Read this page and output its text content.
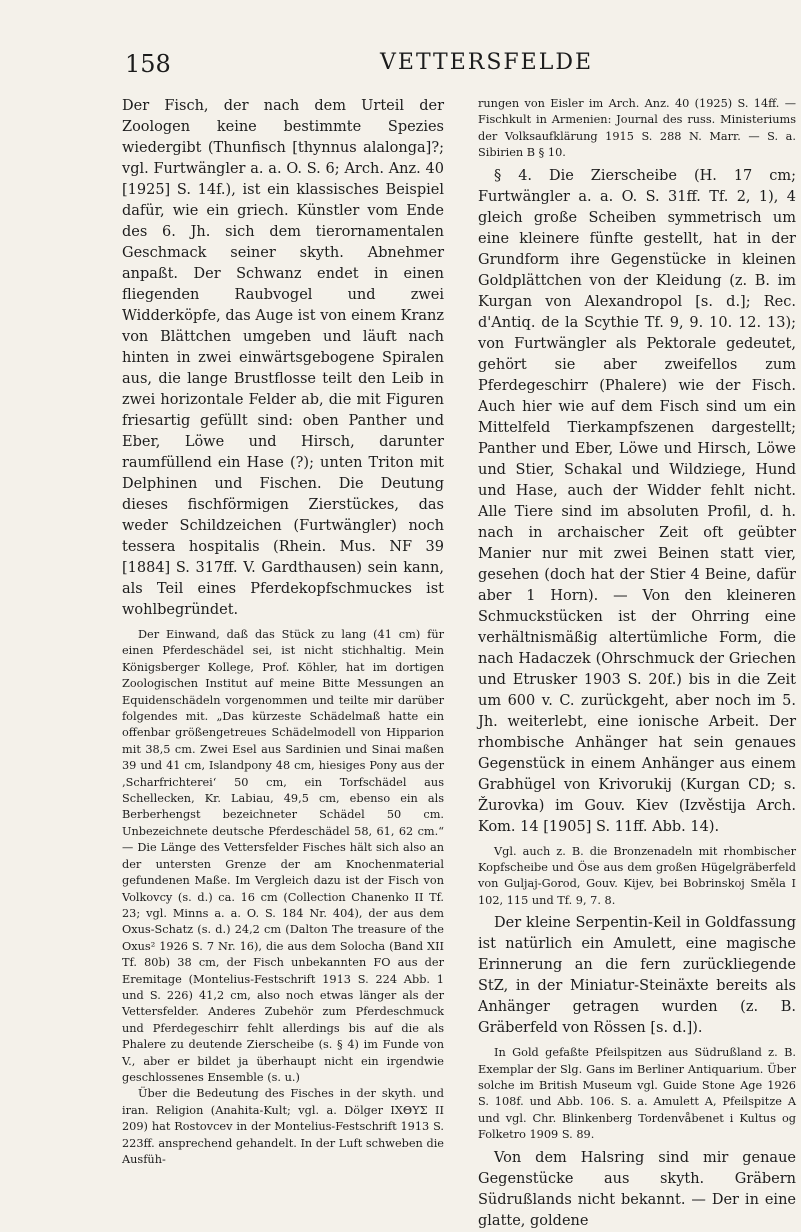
158	VETTERSFELDE

Der Fisch, der nach dem Urteil der Zoologen keine bestimmte Spezies wiedergibt (Thunfisch [thynnus alalonga]?; vgl. Furtwängler a. a. O. S. 6; Arch. Anz. 40 [1925] S. 14f.), ist ein klassisches Beispiel dafür, wie ein griech. Künstler vom Ende des 6. Jh. sich dem tierornamentalen Geschmack seiner skyth. Abnehmer anpaßt. Der Schwanz endet in einen fliegenden Raubvogel und zwei Widderköpfe, das Auge ist von einem Kranz von Blättchen umgeben und läuft nach hinten in zwei einwärtsgebogene Spiralen aus, die lange Brustflosse teilt den Leib in zwei horizontale Felder ab, die mit Figuren friesartig gefüllt sind: oben Panther und Eber, Löwe und Hirsch, darunter raumfüllend ein Hase (?); unten Triton mit Delphinen und Fischen. Die Deutung dieses fischförmigen Zierstückes, das weder Schildzeichen (Furtwängler) noch tessera hospitalis (Rhein. Mus. NF 39 [1884] S. 317ff. V. Gardthausen) sein kann, als Teil eines Pferdekopfschmuckes ist wohlbegründet.

Der Einwand, daß das Stück zu lang (41 cm) für einen Pferdeschädel sei, ist nicht stichhaltig. Mein Königsberger Kollege, Prof. Köhler, hat im dortigen Zoologischen Institut auf meine Bitte Messungen an Equidenschädeln vorgenommen und teilte mir darüber folgendes mit. „Das kürzeste Schädelmaß hatte ein offenbar größengetreues Schädelmodell von Hipparion mit 38,5 cm. Zwei Esel aus Sardinien und Sinai maßen 39 und 41 cm, Islandpony 48 cm, hiesiges Pony aus der ‚Scharfrichterei‘ 50 cm, ein Torfschädel aus Schellecken, Kr. Labiau, 49,5 cm, ebenso ein als Berberhengst bezeichneter Schädel 50 cm. Unbezeichnete deutsche Pferdeschädel 58, 61, 62 cm.“ — Die Länge des Vettersfelder Fisches hält sich also an der untersten Grenze der am Knochenmaterial gefundenen Maße. Im Vergleich dazu ist der Fisch von Volkovcy (s. d.) ca. 16 cm (Collection Chanenko II Tf. 23; vgl. Minns a. a. O. S. 184 Nr. 404), der aus dem Oxus-Schatz (s. d.) 24,2 cm (Dalton The treasure of the Oxus² 1926 S. 7 Nr. 16), die aus dem Solocha (Band XII Tf. 80b) 38 cm, der Fisch unbekannten FO aus der Eremitage (Montelius-Festschrift 1913 S. 224 Abb. 1 und S. 226) 41,2 cm, also noch etwas länger als der Vettersfelder. Anderes Zubehör zum Pferdeschmuck und Pferdegeschirr fehlt allerdings bis auf die als Phalere zu deutende Zierscheibe (s. § 4) im Funde von V., aber er bildet ja überhaupt nicht ein irgendwie geschlossenes Ensemble (s. u.)

Über die Bedeutung des Fisches in der skyth. und iran. Religion (Anahita-Kult; vgl. a. Dölger ΙΧΘΥΣ II 209) hat Rostovcev in der Montelius-Festschrift 1913 S. 223ff. ansprechend gehandelt. In der Luft schweben die Ausfüh-

rungen von Eisler im Arch. Anz. 40 (1925) S. 14ff. — Fischkult in Armenien: Journal des russ. Ministeriums der Volksaufklärung 1915 S. 288 N. Marr. — S. a. Sibirien B § 10.

§ 4. Die Zierscheibe (H. 17 cm; Furtwängler a. a. O. S. 31ff. Tf. 2, 1), 4 gleich große Scheiben symmetrisch um eine kleinere fünfte gestellt, hat in der Grundform ihre Gegenstücke in kleinen Goldplättchen von der Kleidung (z. B. im Kurgan von Alexandropol [s. d.]; Rec. d'Antiq. de la Scythie Tf. 9, 9. 10. 12. 13); von Furtwängler als Pektorale gedeutet, gehört sie aber zweifellos zum Pferdegeschirr (Phalere) wie der Fisch. Auch hier wie auf dem Fisch sind um ein Mittelfeld Tierkampfszenen dargestellt; Panther und Eber, Löwe und Hirsch, Löwe und Stier, Schakal und Wildziege, Hund und Hase, auch der Widder fehlt nicht. Alle Tiere sind im absoluten Profil, d. h. nach in archaischer Zeit oft geübter Manier nur mit zwei Beinen statt vier, gesehen (doch hat der Stier 4 Beine, dafür aber 1 Horn). — Von den kleineren Schmuckstücken ist der Ohrring eine verhältnismäßig altertümliche Form, die nach Hadaczek (Ohrschmuck der Griechen und Etrusker 1903 S. 20f.) bis in die Zeit um 600 v. C. zurückgeht, aber noch im 5. Jh. weiterlebt, eine ionische Arbeit. Der rhombische Anhänger hat sein genaues Gegenstück in einem Anhänger aus einem Grabhügel von Krivorukij (Kurgan CD; s. Žurovka) im Gouv. Kiev (Izvěstija Arch. Kom. 14 [1905] S. 11ff. Abb. 14).

Vgl. auch z. B. die Bronzenadeln mit rhombischer Kopfscheibe und Öse aus dem großen Hügelgräberfeld von Guljaj-Gorod, Gouv. Kijev, bei Bobrinskoj Směla I 102, 115 und Tf. 9, 7. 8.

Der kleine Serpentin-Keil in Goldfassung ist natürlich ein Amulett, eine magische Erinnerung an die fern zurückliegende StZ, in der Miniatur-Steinäxte bereits als Anhänger getragen wurden (z. B. Gräberfeld von Rössen [s. d.]).

In Gold gefaßte Pfeilspitzen aus Südrußland z. B. Exemplar der Slg. Gans im Berliner Antiquarium. Über solche im British Museum vgl. Guide Stone Age 1926 S. 108f. und Abb. 106. S. a. Amulett A, Pfeilspitze A und vgl. Chr. Blinkenberg Tordenvåbenet i Kultus og Folketro 1909 S. 89.

Von dem Halsring sind mir genaue Gegenstücke aus skyth. Gräbern Südrußlands nicht bekannt. — Der in eine glatte, goldene
